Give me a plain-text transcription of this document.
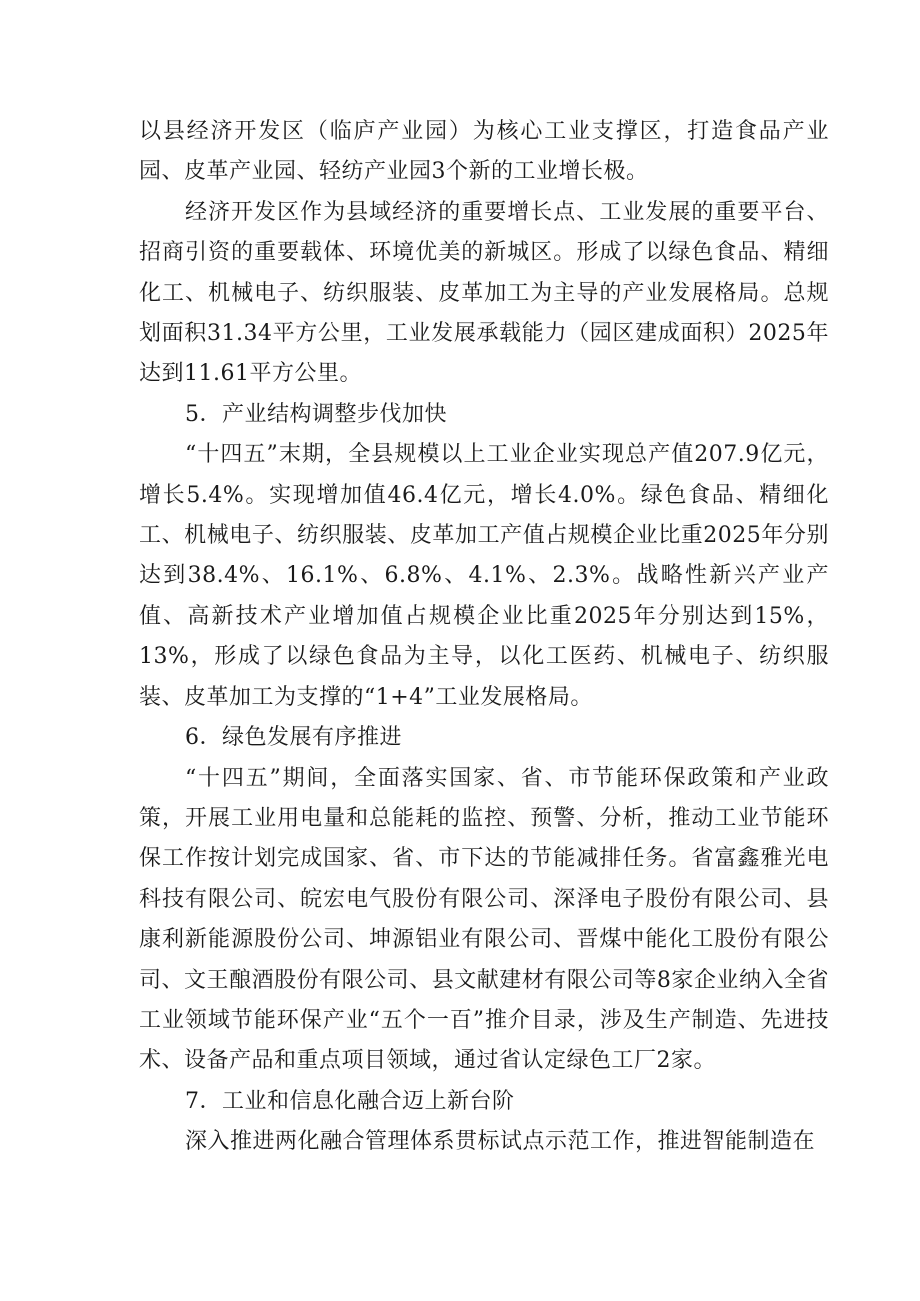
以县经济开发区（临庐产业园）为核心工业支撑区，打造食品产业园、皮革产业园、轻纺产业园3个新的工业增长极。

经济开发区作为县域经济的重要增长点、工业发展的重要平台、招商引资的重要载体、环境优美的新城区。形成了以绿色食品、精细化工、机械电子、纺织服装、皮革加工为主导的产业发展格局。总规划面积31.34平方公里，工业发展承载能力（园区建成面积）2025年达到11.61平方公里。

5．产业结构调整步伐加快

“十四五”末期，全县规模以上工业企业实现总产值207.9亿元，增长5.4%。实现增加值46.4亿元，增长4.0%。绿色食品、精细化工、机械电子、纺织服装、皮革加工产值占规模企业比重2025年分别达到38.4%、16.1%、6.8%、4.1%、2.3%。战略性新兴产业产值、高新技术产业增加值占规模企业比重2025年分别达到15%，13%，形成了以绿色食品为主导，以化工医药、机械电子、纺织服装、皮革加工为支撑的“1+4”工业发展格局。

6．绿色发展有序推进

“十四五”期间，全面落实国家、省、市节能环保政策和产业政策，开展工业用电量和总能耗的监控、预警、分析，推动工业节能环保工作按计划完成国家、省、市下达的节能减排任务。省富鑫雅光电科技有限公司、皖宏电气股份有限公司、深泽电子股份有限公司、县康利新能源股份公司、坤源铝业有限公司、晋煤中能化工股份有限公司、文王酿酒股份有限公司、县文献建材有限公司等8家企业纳入全省工业领域节能环保产业“五个一百”推介目录，涉及生产制造、先进技术、设备产品和重点项目领域，通过省认定绿色工厂2家。

7．工业和信息化融合迈上新台阶

深入推进两化融合管理体系贯标试点示范工作，推进智能制造在
